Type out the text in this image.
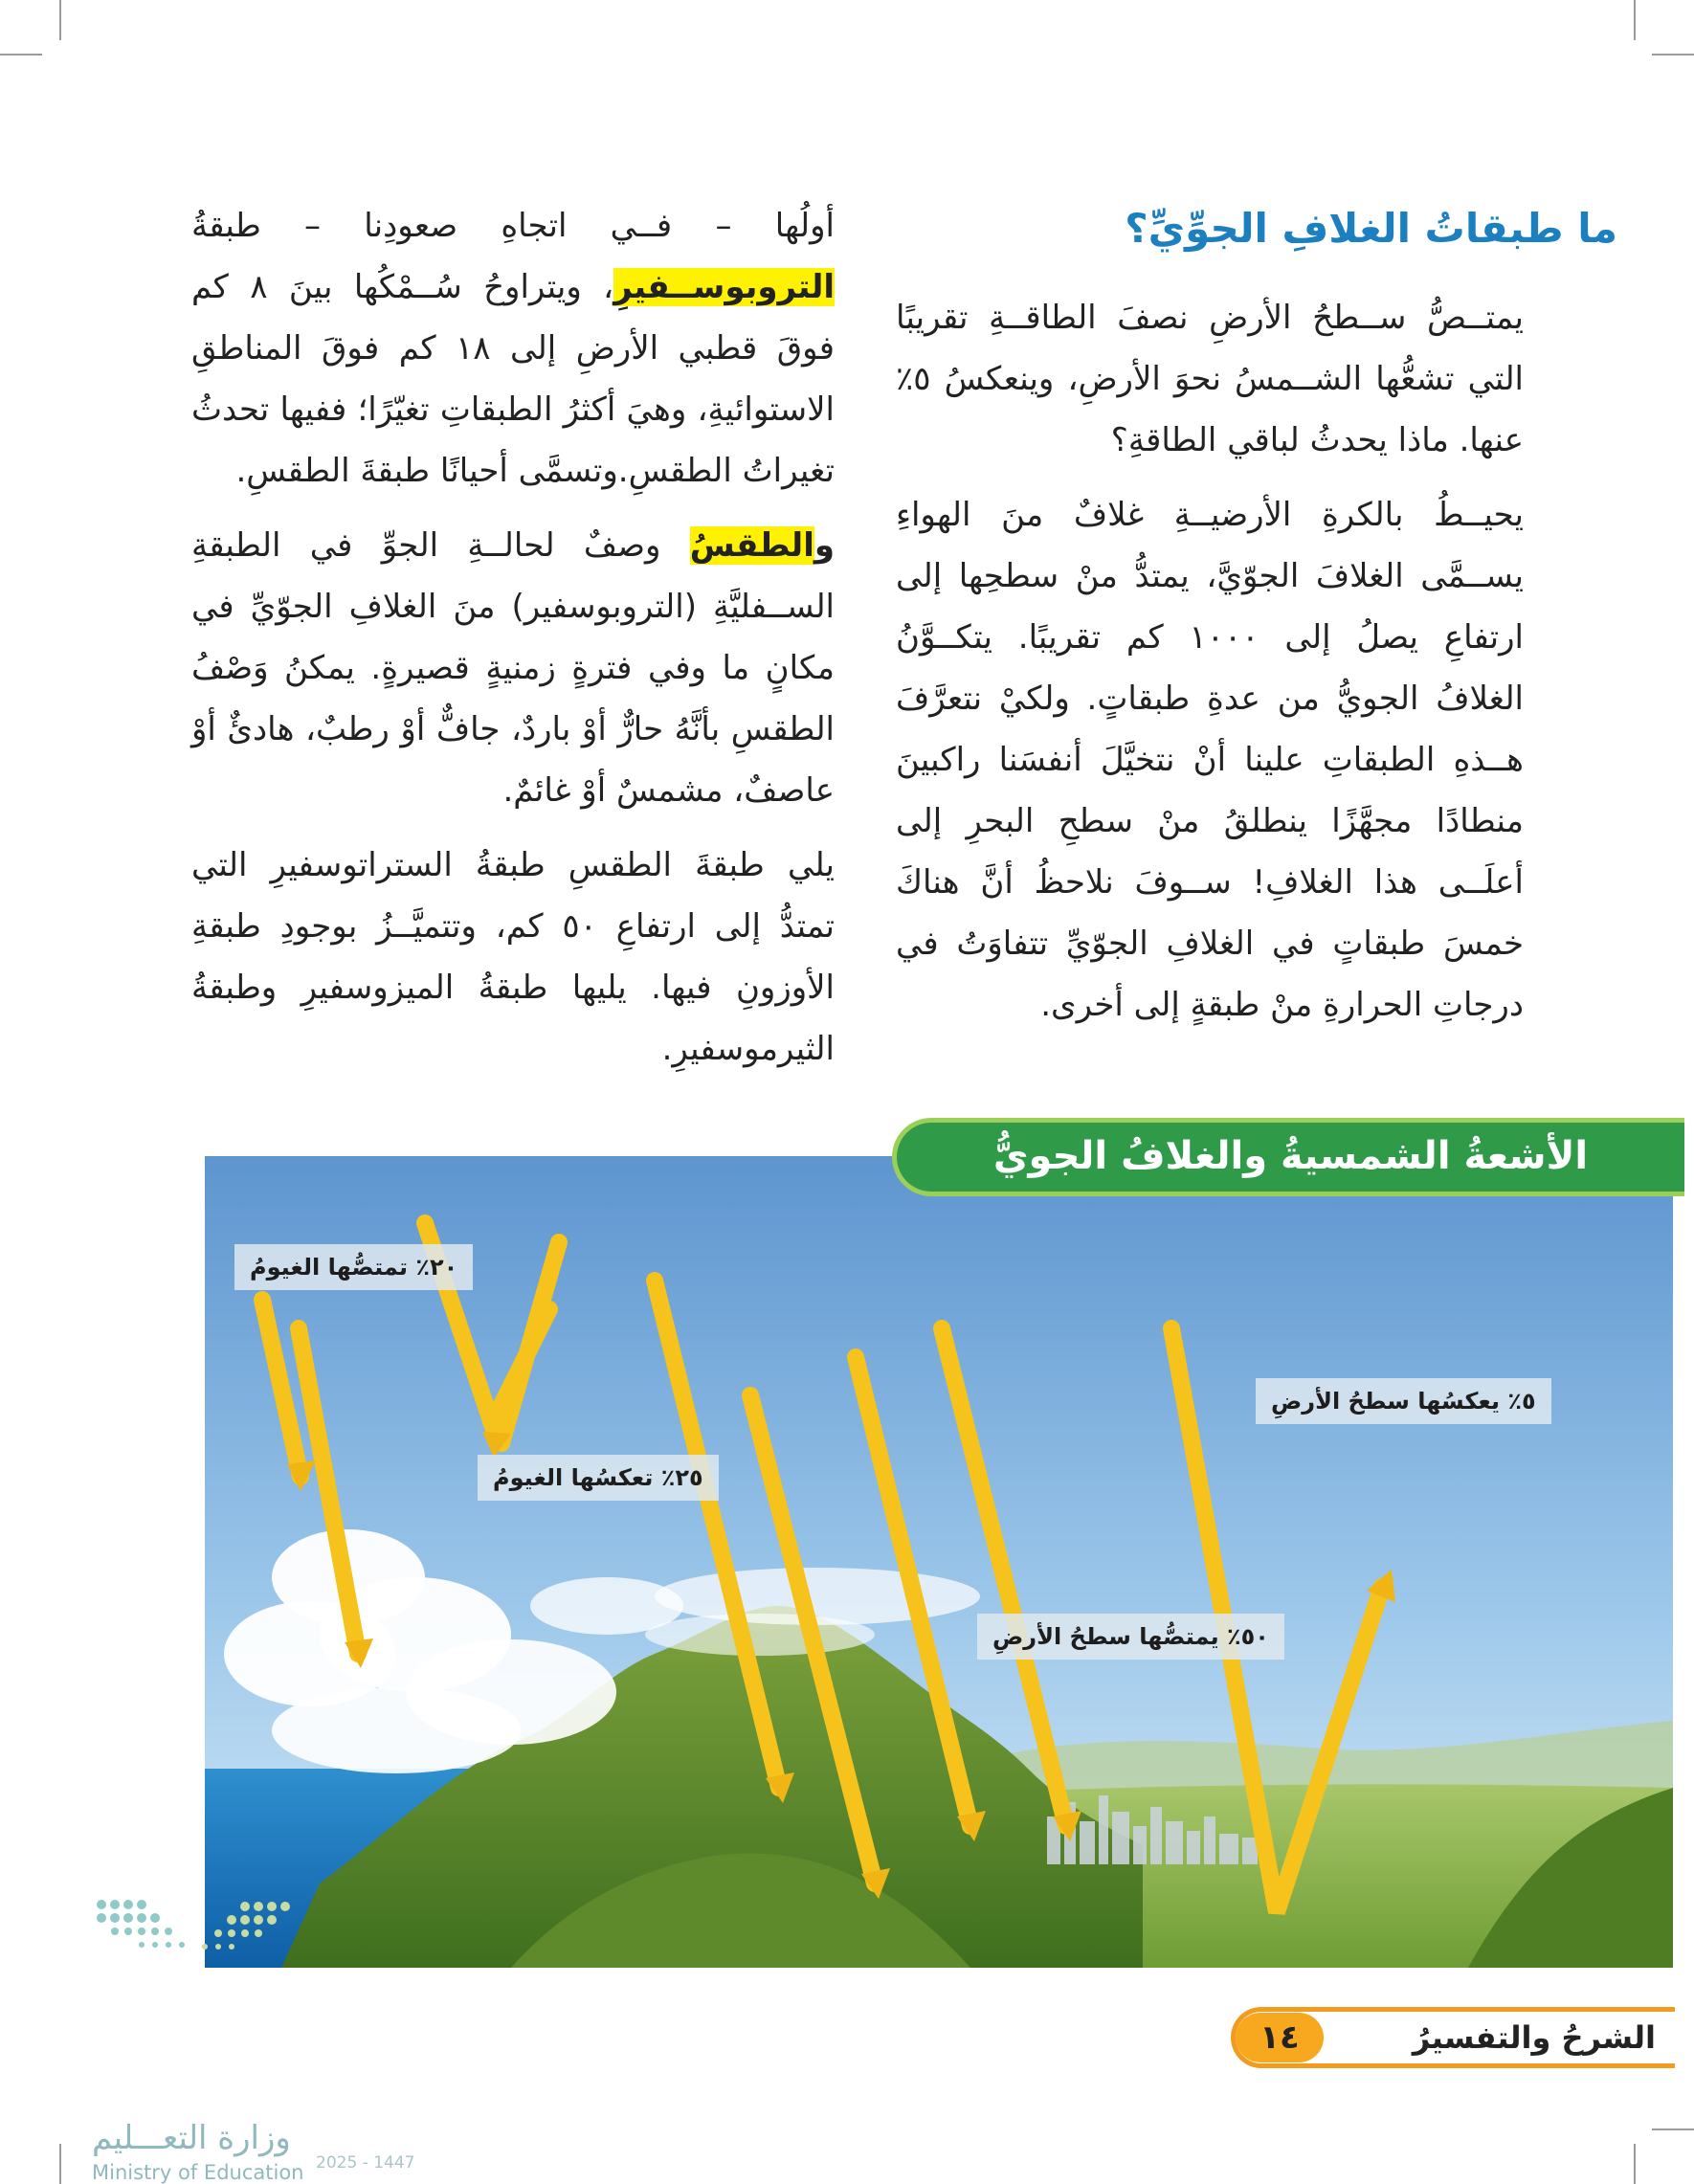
ما طبقاتُ الغلافِ الجوِّيِّ؟

يمتــصُّ ســطحُ الأرضِ نصفَ الطاقــةِ تقريبًا التي تشعُّها الشــمسُ نحوَ الأرضِ، وينعكسُ ٥٪ عنها. ماذا يحدثُ لباقي الطاقةِ؟

يحيــطُ بالكرةِ الأرضيــةِ غلافٌ منَ الهواءِ يســمَّى الغلافَ الجوّيَّ، يمتدُّ منْ سطحِها إلى ارتفاعِ يصلُ إلى ١٠٠٠ كم تقريبًا. يتكــوَّنُ الغلافُ الجويُّ من عدةِ طبقاتٍ. ولكيْ نتعرَّفَ هــذهِ الطبقاتِ علينا أنْ نتخيَّلَ أنفسَنا راكبينَ منطادًا مجهَّزًا ينطلقُ منْ سطحِ البحرِ إلى أعلَــى هذا الغلافِ! ســوفَ نلاحظُ أنَّ هناكَ خمسَ طبقاتٍ في الغلافِ الجوّيِّ تتفاوَتُ في درجاتِ الحرارةِ منْ طبقةٍ إلى أخرى.

أولُها – فــي اتجاهِ صعودِنا – طبقةُ التروبوســفيرِ، ويتراوحُ سُــمْكُها بينَ ٨ كم فوقَ قطبي الأرضِ إلى ١٨ كم فوقَ المناطقِ الاستوائيةِ، وهيَ أكثرُ الطبقاتِ تغيّرًا؛ ففيها تحدثُ تغيراتُ الطقسِ.وتسمَّى أحيانًا طبقةَ الطقسِ.

والطقسُ وصفٌ لحالــةِ الجوِّ في الطبقةِ الســفليَّةِ (التروبوسفير) منَ الغلافِ الجوّيِّ في مكانٍ ما وفي فترةٍ زمنيةٍ قصيرةٍ. يمكنُ وَصْفُ الطقسِ بأنَّهُ حارٌّ أوْ باردٌ، جافٌّ أوْ رطبٌ، هادئٌ أوْ عاصفٌ، مشمسٌ أوْ غائمٌ.

يلي طبقةَ الطقسِ طبقةُ الستراتوسفيرِ التي تمتدُّ إلى ارتفاعِ ٥٠ كم، وتتميَّــزُ بوجودِ طبقةِ الأوزونِ فيها. يليها طبقةُ الميزوسفيرِ وطبقةُ الثيرموسفيرِ.

٢٠٪ تمتصُّها الغيومُ
٢٥٪ تعكسُها الغيومُ
٥٪ يعكسُها سطحُ الأرضِ
٥٠٪ يمتصُّها سطحُ الأرضِ
الأشعةُ الشمسيةُ والغلافُ الجويُّ
١٤	الشرحُ والتفسيرُ
وزارة التعـــليم
Ministry of Education 2025 - 1447
